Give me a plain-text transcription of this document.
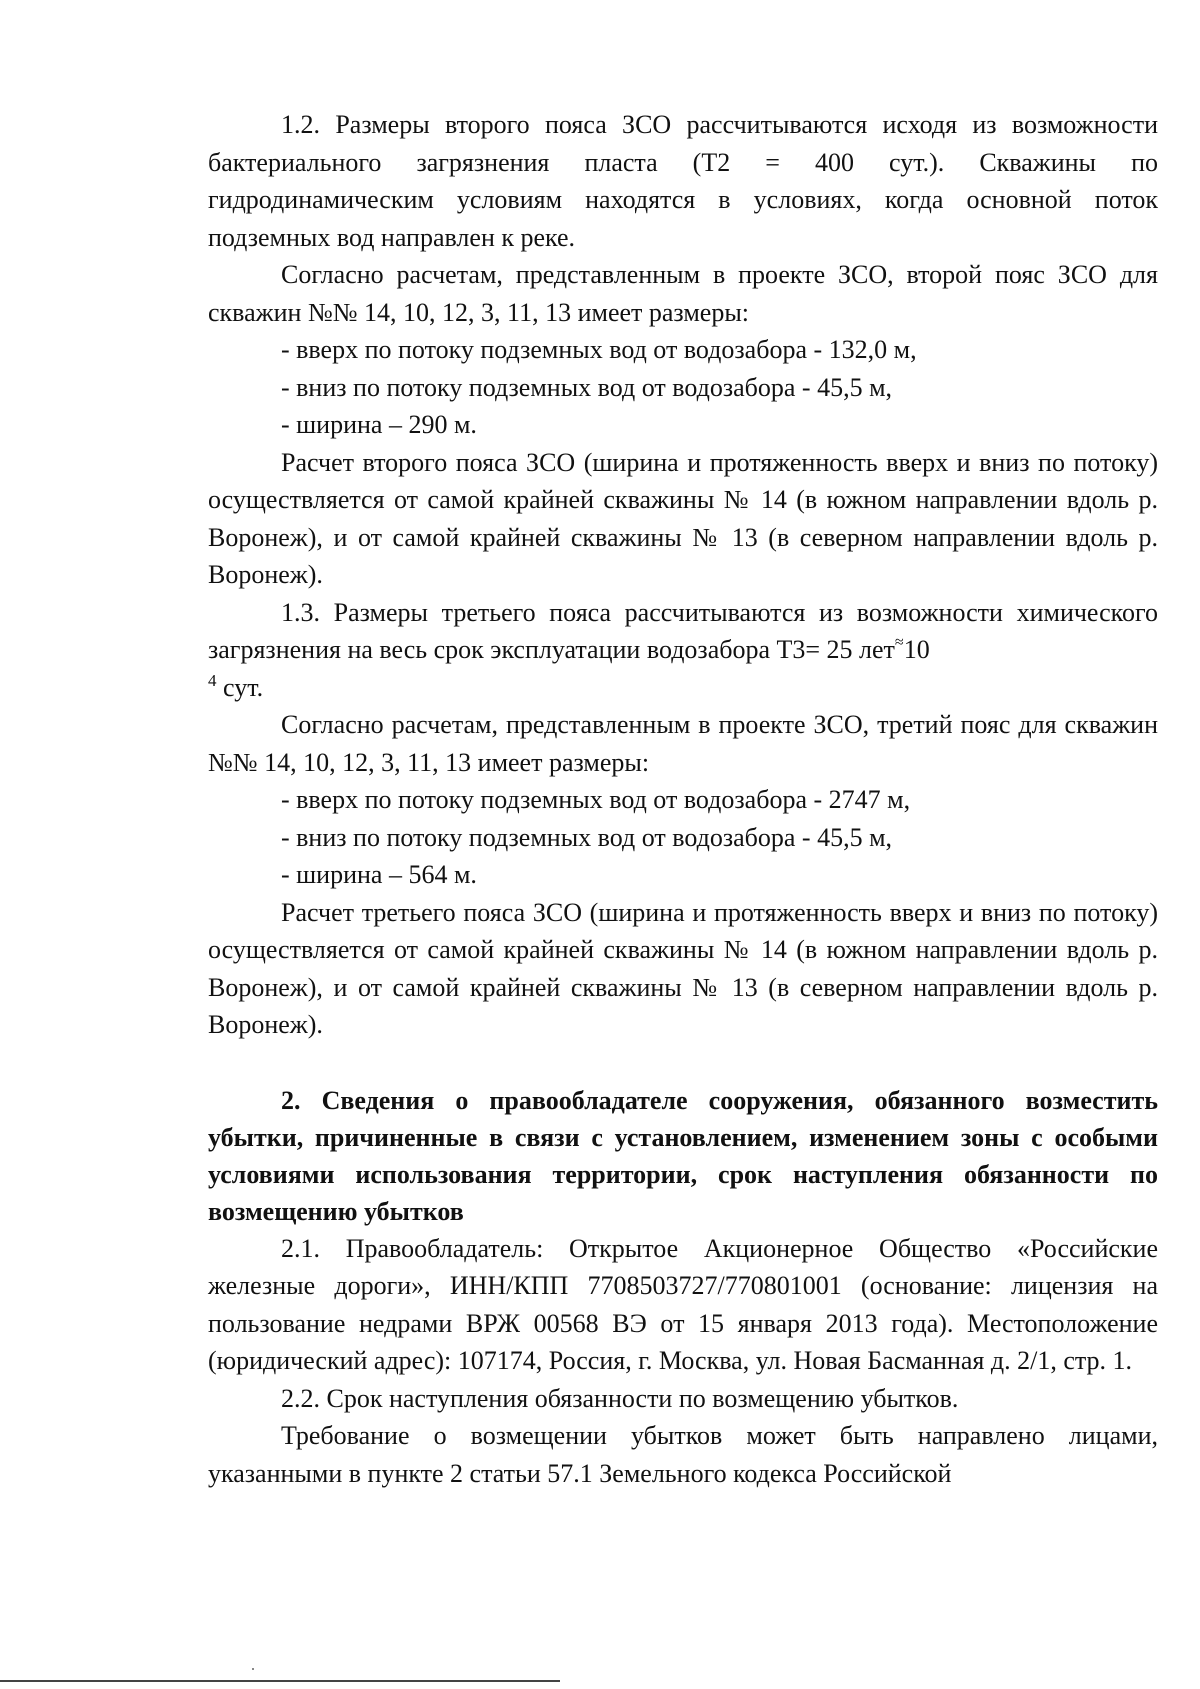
1.2. Размеры второго пояса ЗСО рассчитываются исходя из возможности бактериального загрязнения пласта (Т2 = 400 сут.). Скважины по гидродинамическим условиям находятся в условиях, когда основной поток подземных вод направлен к реке.

Согласно расчетам, представленным в проекте ЗСО, второй пояс ЗСО для скважин №№ 14, 10, 12, 3, 11, 13 имеет размеры:

- вверх по потоку подземных вод от водозабора - 132,0 м,

- вниз по потоку подземных вод от водозабора - 45,5 м,

- ширина – 290 м.

Расчет второго пояса ЗСО (ширина и протяженность вверх и вниз по потоку) осуществляется от самой крайней скважины № 14 (в южном направлении вдоль р. Воронеж), и от самой крайней скважины № 13 (в северном направлении вдоль р. Воронеж).

1.3. Размеры третьего пояса рассчитываются из возможности химического загрязнения на весь срок эксплуатации водозабора Т3= 25 лет≈10
$^4$ сут.

Согласно расчетам, представленным в проекте ЗСО, третий пояс для скважин №№ 14, 10, 12, 3, 11, 13 имеет размеры:

- вверх по потоку подземных вод от водозабора - 2747 м,

- вниз по потоку подземных вод от водозабора - 45,5 м,

- ширина – 564 м.

Расчет третьего пояса ЗСО (ширина и протяженность вверх и вниз по потоку) осуществляется от самой крайней скважины № 14 (в южном направлении вдоль р. Воронеж), и от самой крайней скважины № 13 (в северном направлении вдоль р. Воронеж).

2. Сведения о правообладателе сооружения, обязанного возместить убытки, причиненные в связи с установлением, изменением зоны с особыми условиями использования территории, срок наступления обязанности по возмещению убытков

2.1. Правообладатель: Открытое Акционерное Общество «Российские железные дороги», ИНН/КПП 7708503727/770801001 (основание: лицензия на пользование недрами ВРЖ 00568 ВЭ от 15 января 2013 года). Местоположение (юридический адрес): 107174, Россия, г. Москва, ул. Новая Басманная д. 2/1, стр. 1.

2.2. Срок наступления обязанности по возмещению убытков.

Требование о возмещении убытков может быть направлено лицами, указанными в пункте 2 статьи 57.1 Земельного кодекса Российской
